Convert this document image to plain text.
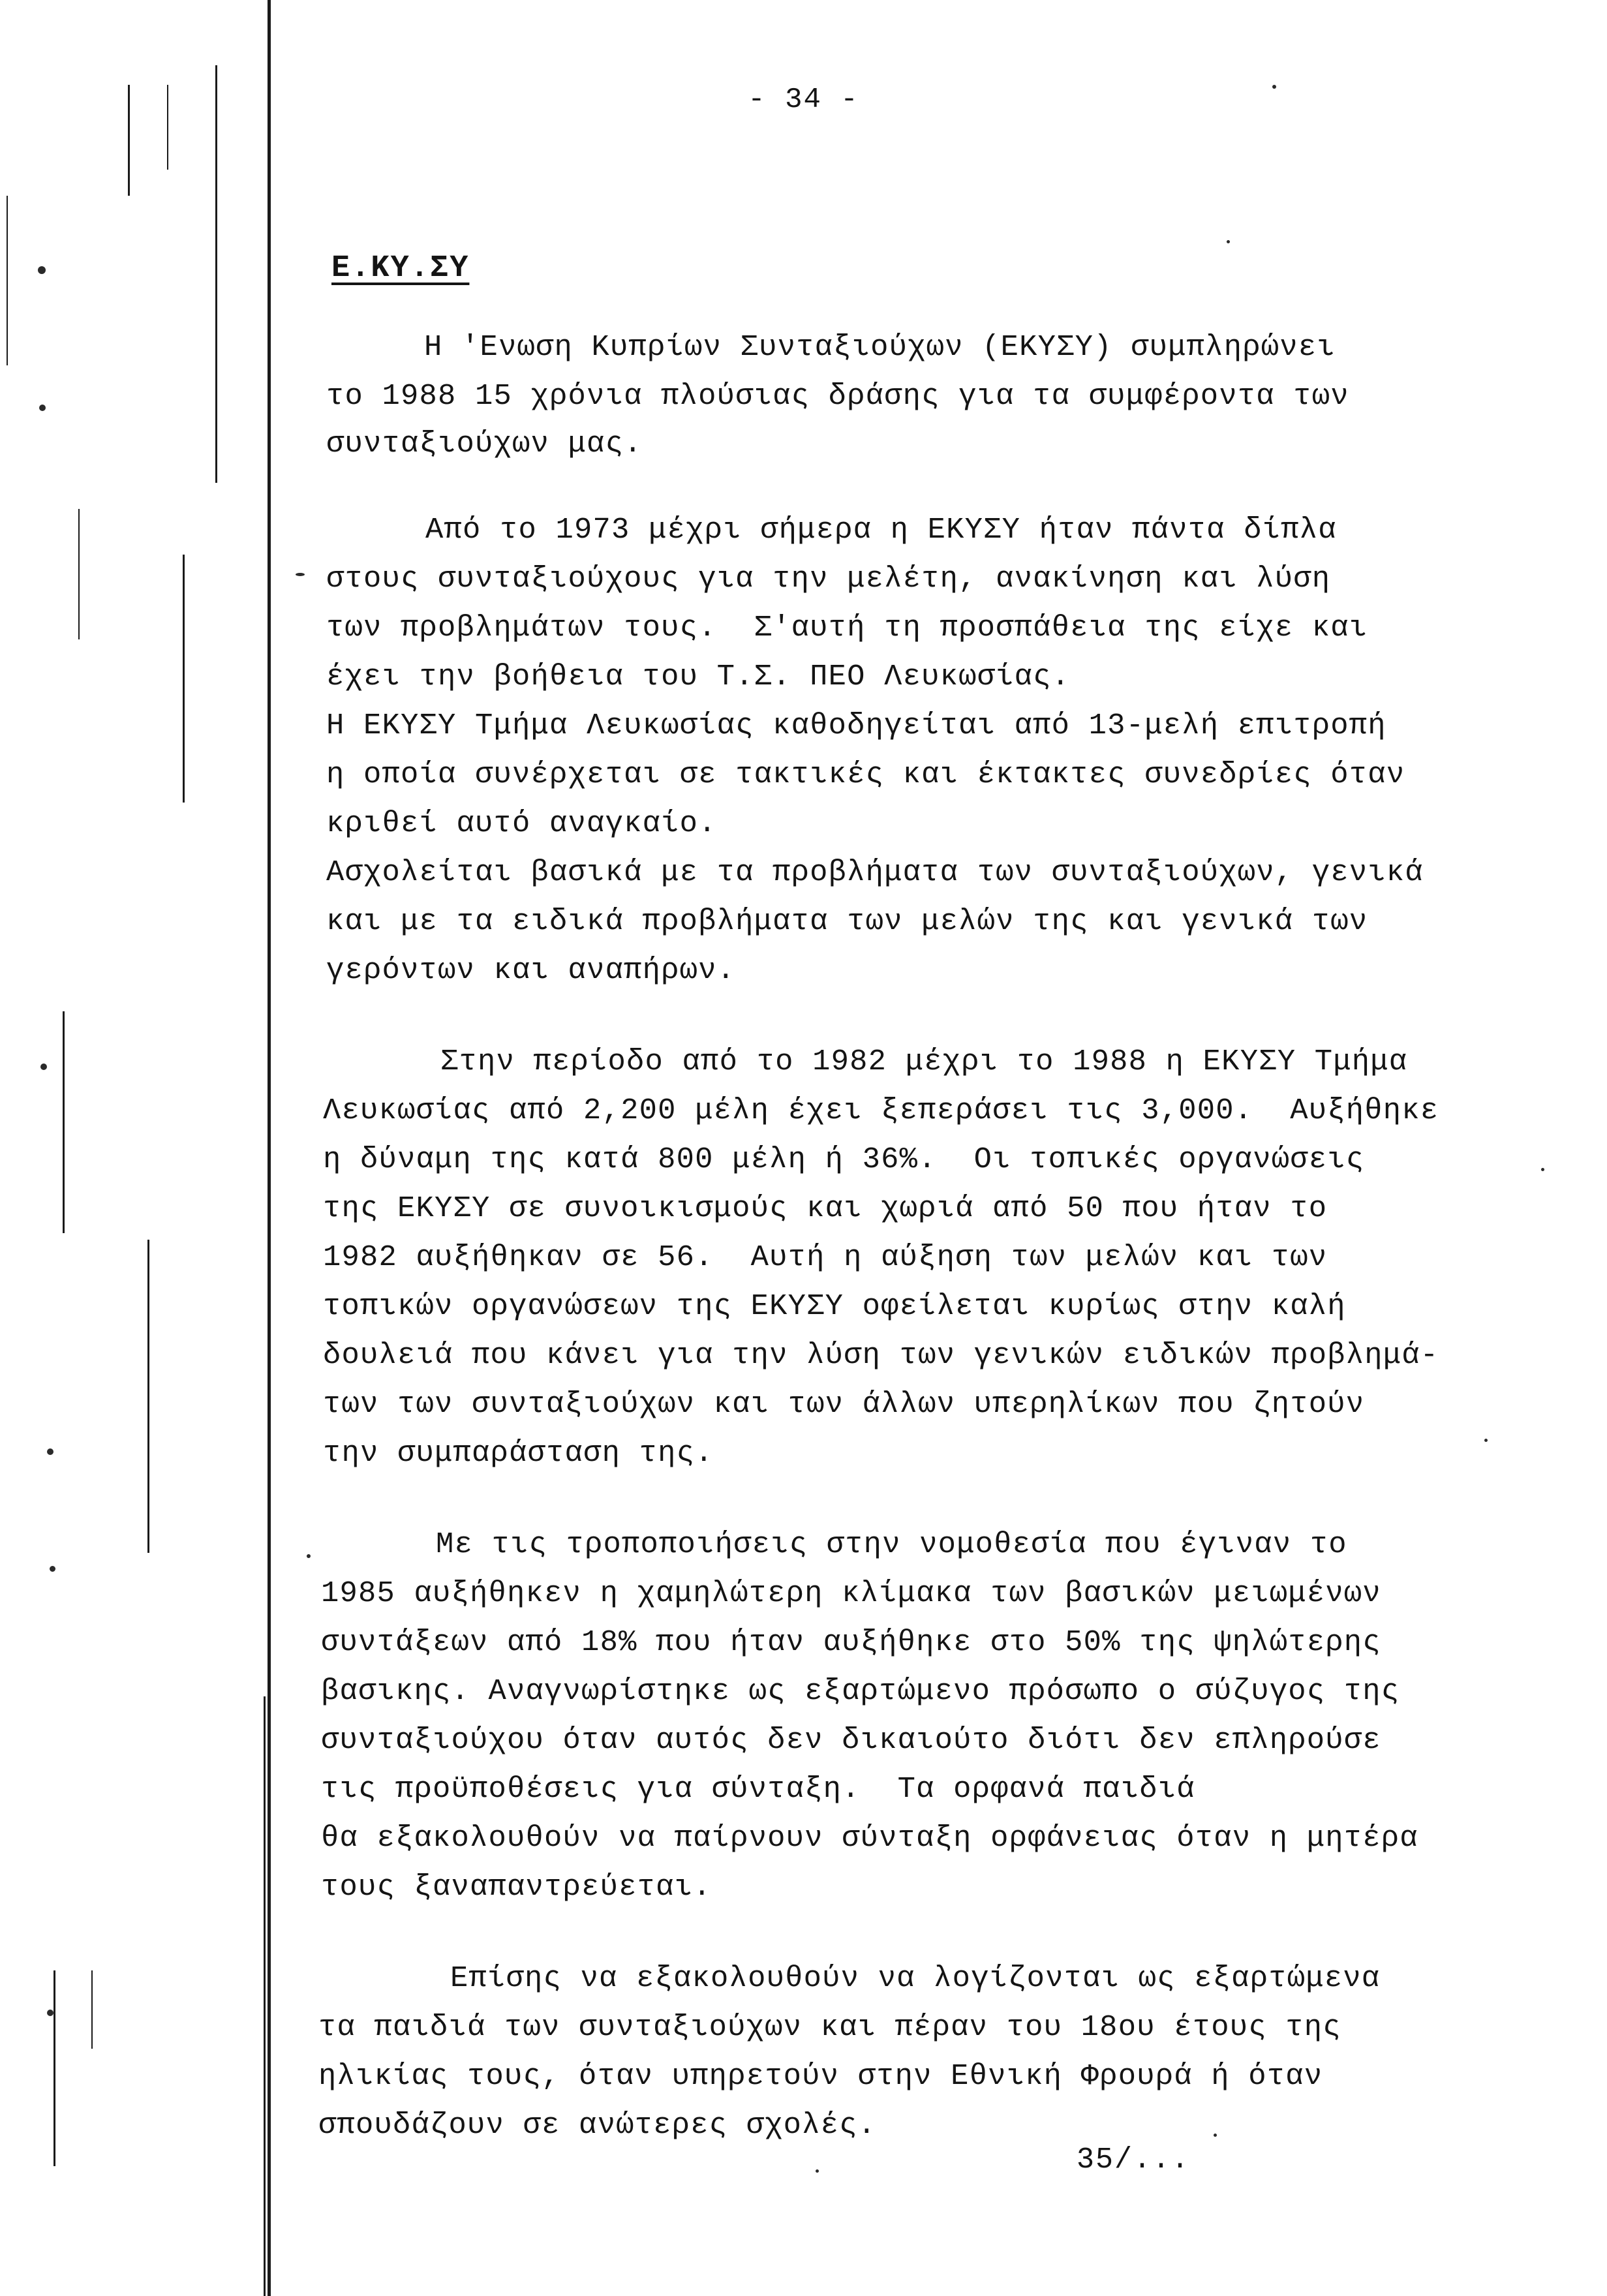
- 34 -
Ε.ΚΥ.ΣΥ
Η 'Ενωση Κυπρίων Συνταξιούχων (ΕΚΥΣΥ) συμπληρώνει
το 1988 15 χρόνια πλούσιας δράσης για τα συμφέροντα των
συνταξιούχων μας.
Από το 1973 μέχρι σήμερα η ΕΚΥΣΥ ήταν πάντα δίπλα
στους συνταξιούχους για την μελέτη, ανακίνηση και λύση
των προβλημάτων τους.  Σ'αυτή τη προσπάθεια της είχε και
έχει την βοήθεια του Τ.Σ. ΠΕΟ Λευκωσίας.
Η ΕΚΥΣΥ Τμήμα Λευκωσίας καθοδηγείται από 13-μελή επιτροπή
η οποία συνέρχεται σε τακτικές και έκτακτες συνεδρίες όταν
κριθεί αυτό αναγκαίο.
Ασχολείται βασικά με τα προβλήματα των συνταξιούχων, γενικά
και με τα ειδικά προβλήματα των μελών της και γενικά των
γερόντων και αναπήρων.
Στην περίοδο από το 1982 μέχρι το 1988 η ΕΚΥΣΥ Τμήμα
Λευκωσίας από 2,200 μέλη έχει ξεπεράσει τις 3,000.  Αυξήθηκε
η δύναμη της κατά 800 μέλη ή 36%.  Οι τοπικές οργανώσεις
της ΕΚΥΣΥ σε συνοικισμούς και χωριά από 50 που ήταν το
1982 αυξήθηκαν σε 56.  Αυτή η αύξηση των μελών και των
τοπικών οργανώσεων της ΕΚΥΣΥ οφείλεται κυρίως στην καλή
δουλειά που κάνει για την λύση των γενικών ειδικών προβλημά-
των των συνταξιούχων και των άλλων υπερηλίκων που ζητούν
την συμπαράσταση της.
Με τις τροποποιήσεις στην νομοθεσία που έγιναν το
1985 αυξήθηκεν η χαμηλώτερη κλίμακα των βασικών μειωμένων
συντάξεων από 18% που ήταν αυξήθηκε στο 50% της ψηλώτερης
βασικης. Αναγνωρίστηκε ως εξαρτώμενο πρόσωπο ο σύζυγος της
συνταξιούχου όταν αυτός δεν δικαιούτο διότι δεν επληρούσε
τις προϋποθέσεις για σύνταξη.  Τα ορφανά παιδιά
θα εξακολουθούν να παίρνουν σύνταξη ορφάνειας όταν η μητέρα
τους ξαναπαντρεύεται.
Επίσης να εξακολουθούν να λογίζονται ως εξαρτώμενα
τα παιδιά των συνταξιούχων και πέραν του 18ου έτους της
ηλικίας τους, όταν υπηρετούν στην Εθνική Φρουρά ή όταν
σπουδάζουν σε ανώτερες σχολές.
35/...
